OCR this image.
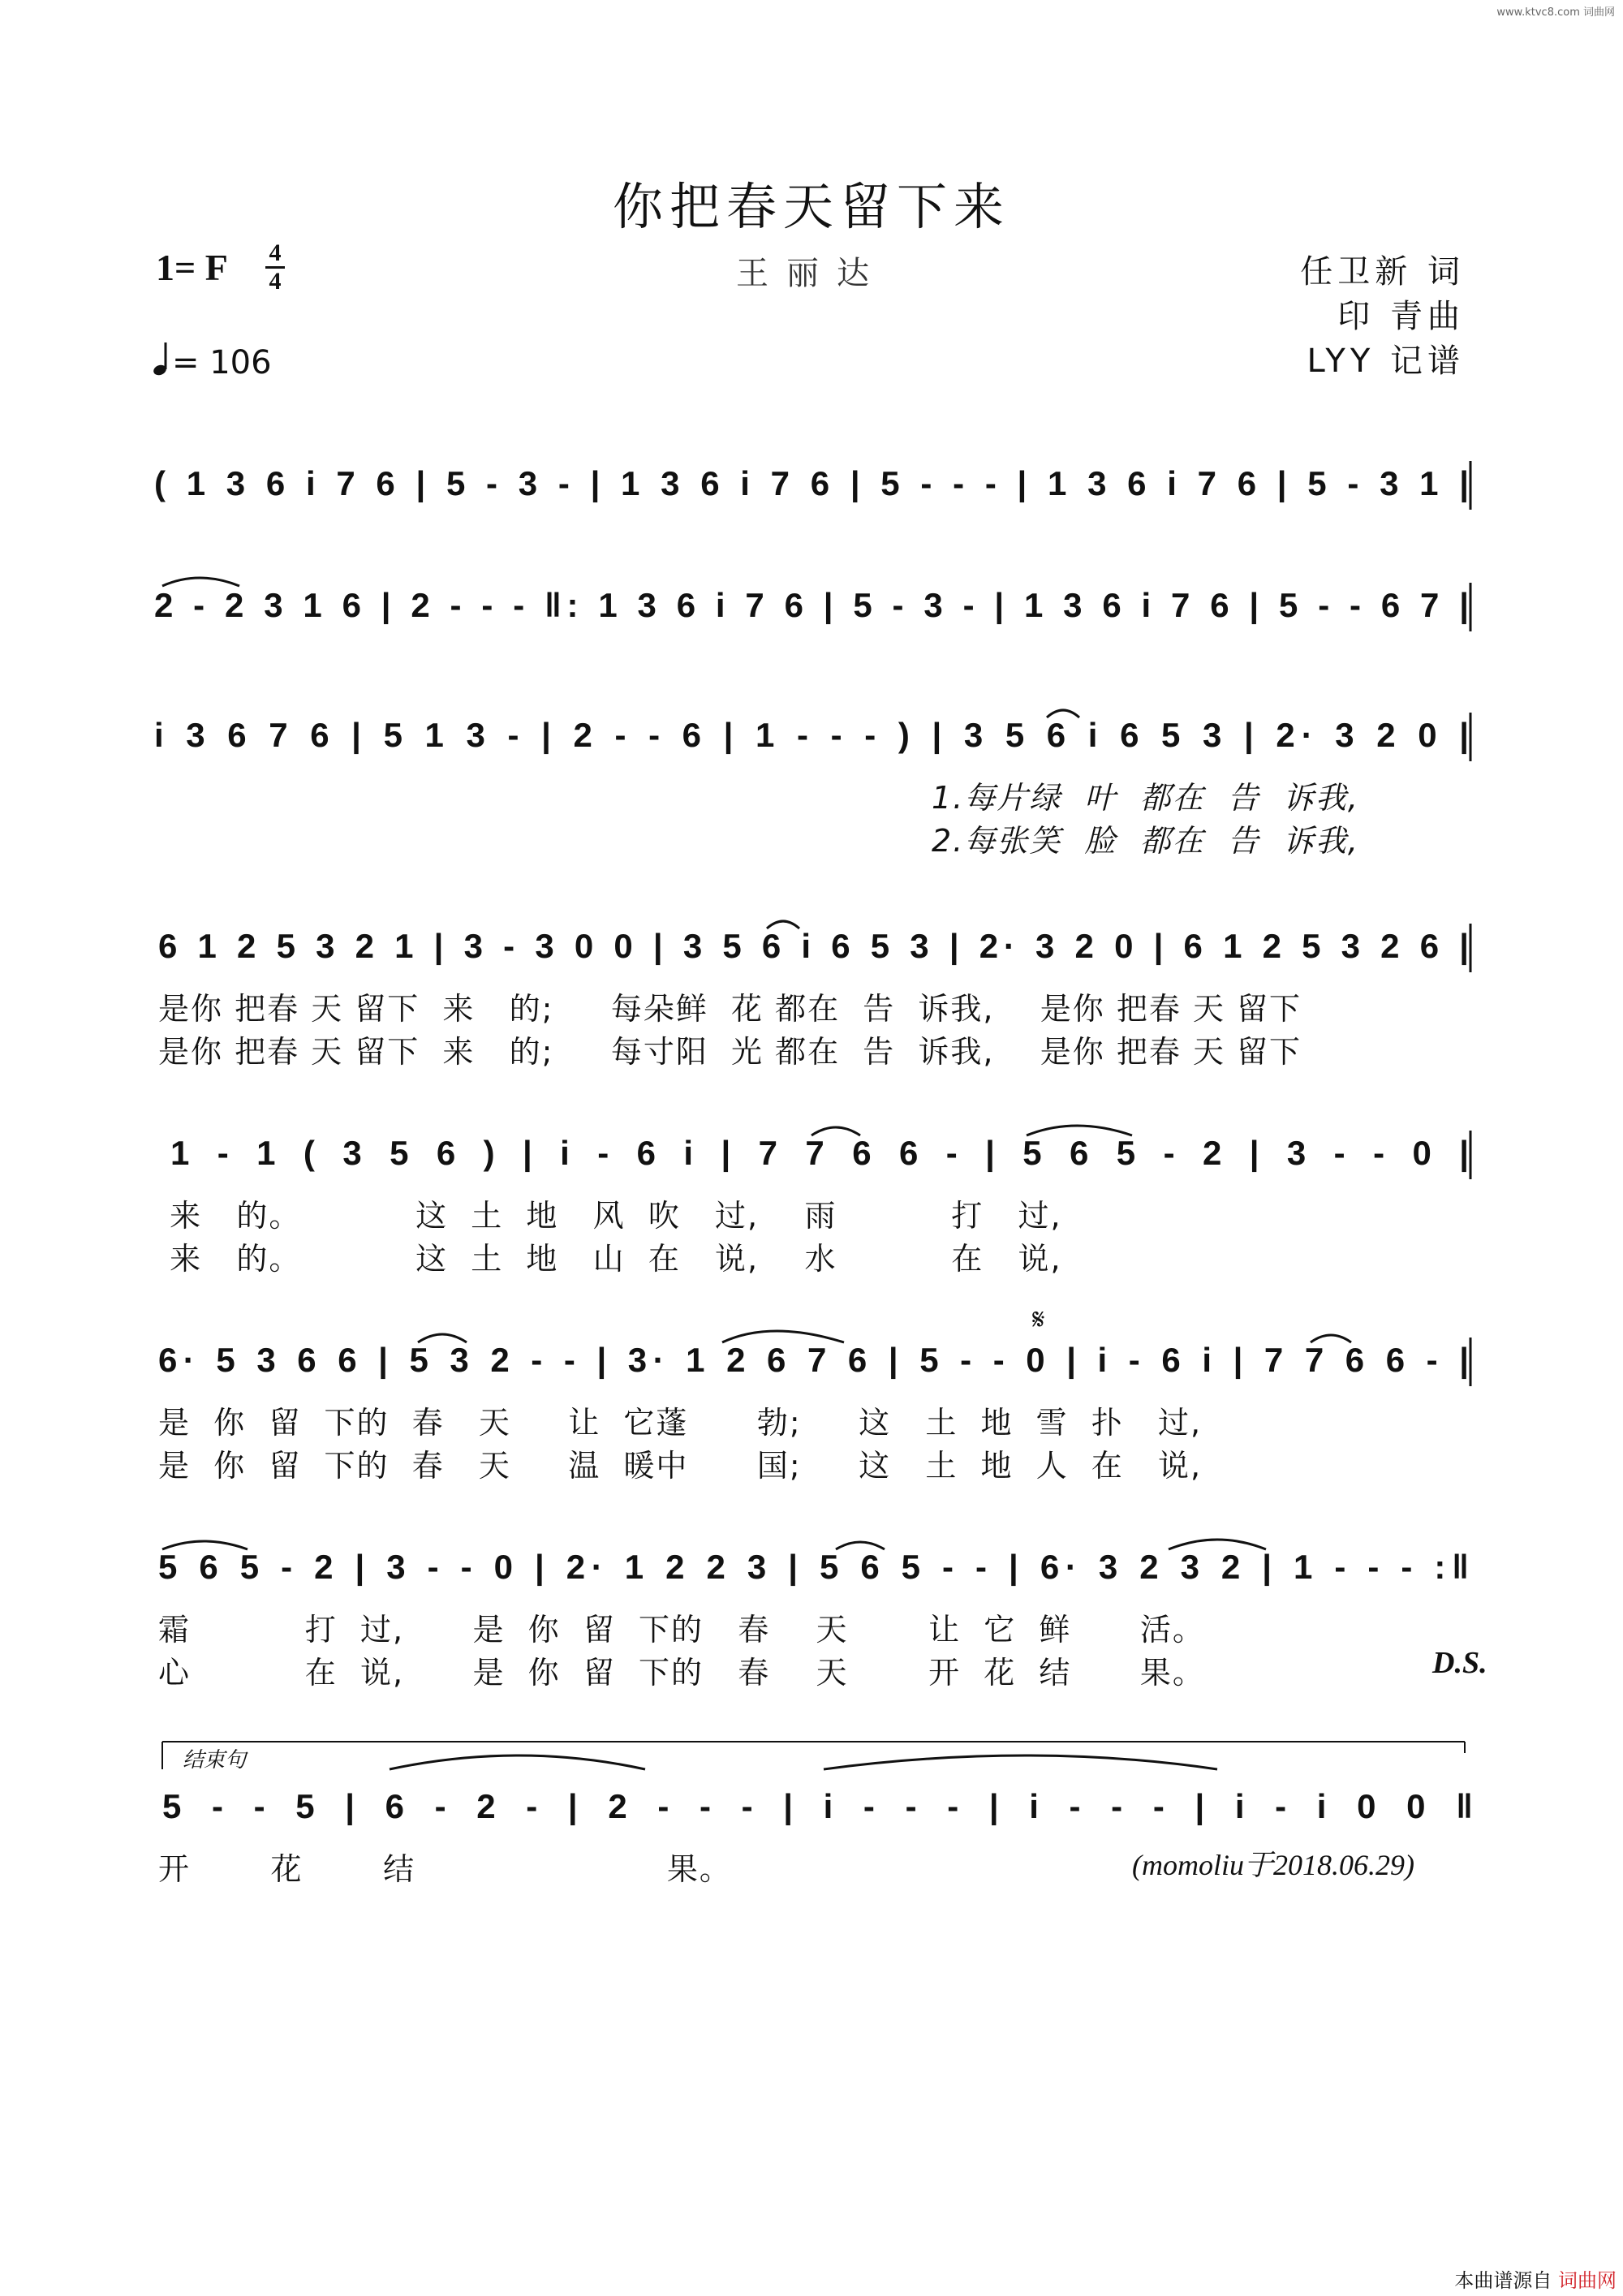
www.ktvc8.com 词曲网
你把春天留下来
王丽达
1= F 4
4
= 106
任卫新 词
印 青曲
LYY 记谱
( 1 3 6 i 7 6 | 5 - 3 - | 1 3 6 i 7 6 | 5 - - - | 1 3 6 i 7 6 | 5 - 3 1 |
2 - 2 3 1 6 | 2 - - - ‖: 1 3 6 i 7 6 | 5 - 3 - | 1 3 6 i 7 6 | 5 - - 6 7 |
i 3 6 7 6 | 5 1 3 - | 2 - - 6 | 1 - - - ) | 3 5 6 i 6 5 3 | 2· 3 2 0 |
1.每片绿  叶  都在  告  诉我,
2.每张笑  脸  都在  告  诉我,
6 1 2 5 3 2 1 | 3 - 3 0 0 | 3 5 6 i 6 5 3 | 2· 3 2 0 | 6 1 2 5 3 2 6 |
是你 把春 天 留下  来   的;     每朵鲜  花 都在  告  诉我,    是你 把春 天 留下
是你 把春 天 留下  来   的;     每寸阳  光 都在  告  诉我,    是你 把春 天 留下
1 - 1 ( 3 5 6 ) | i - 6 i | 7 7 6 6 - | 5 6 5 - 2 | 3 - - 0 |
来   的。          这  土  地   风  吹   过,    雨          打   过,
来   的。          这  土  地   山  在   说,    水          在   说,
6· 5 3 6 6 | 5 3 2 - - | 3· 1 2 6 7 6 | 5 - - 0 | i - 6 i | 7 7 6 6 - |
𝄋
是  你  留  下的  春   天     让  它蓬      勃;     这   土  地  雪  扑   过,
是  你  留  下的  春   天     温  暖中      国;     这   土  地  人  在   说,
5 6 5 - 2 | 3 - - 0 | 2· 1 2 2 3 | 5 6 5 - - | 6· 3 2 3 2 | 1 - - - :‖
霜          打  过,      是  你  留  下的   春    天       让  它  鲜      活。
心          在  说,      是  你  留  下的   春    天       开  花  结      果。	D.S.
5 - - 5 | 6 - 2 - | 2 - - - | i - - - | i - - - | i - i 0 0 ‖
结束句
开       花       结                      果。	(momoliu于2018.06.29)
本曲谱源自 词曲网
